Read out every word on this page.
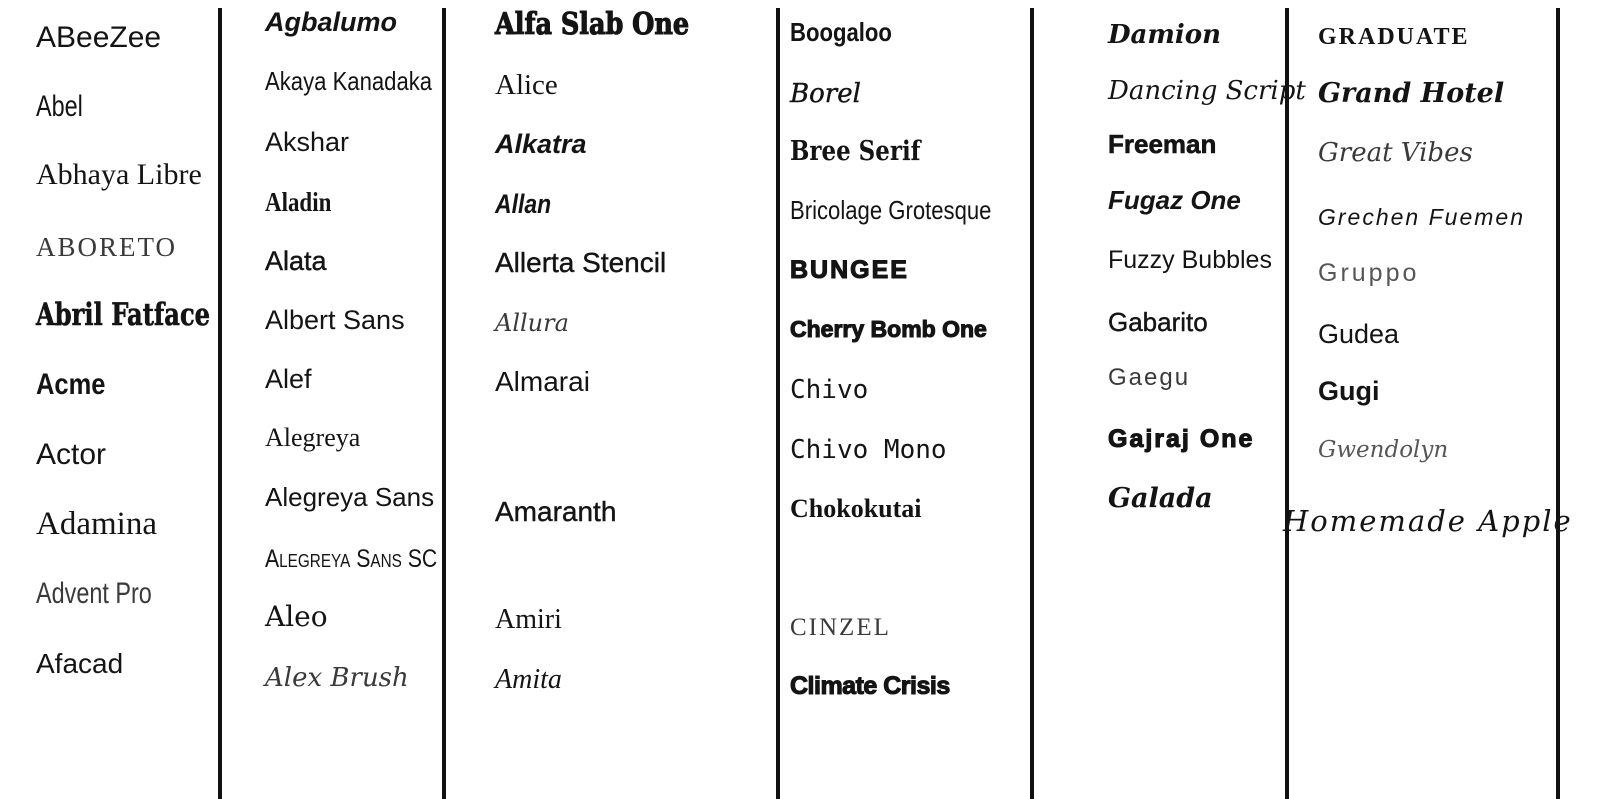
ABeeZee
Abel
Abhaya Libre
ABORETO
Abril Fatface
Acme
Actor
Adamina
Advent Pro
Afacad
Agbalumo
Akaya Kanadaka
Akshar
Aladin
Alata
Albert Sans
Alef
Alegreya
Alegreya Sans
Alegreya Sans SC
Aleo
Alex Brush
Alfa Slab One
Alice
Alkatra
Allan
Allerta Stencil
Allura
Almarai
Amaranth
Amiri
Amita
Boogaloo
Borel
Bree Serif
Bricolage Grotesque
BUNGEE
Cherry Bomb One
Chivo
Chivo Mono
Chokokutai
CINZEL
Climate Crisis
Damion
Dancing Script
Freeman
Fugaz One
Fuzzy Bubbles
Gabarito
Gaegu
Gajraj One
Galada
GRADUATE
Grand Hotel
Great Vibes
Grechen Fuemen
Gruppo
Gudea
Gugi
Gwendolyn
Homemade Apple
